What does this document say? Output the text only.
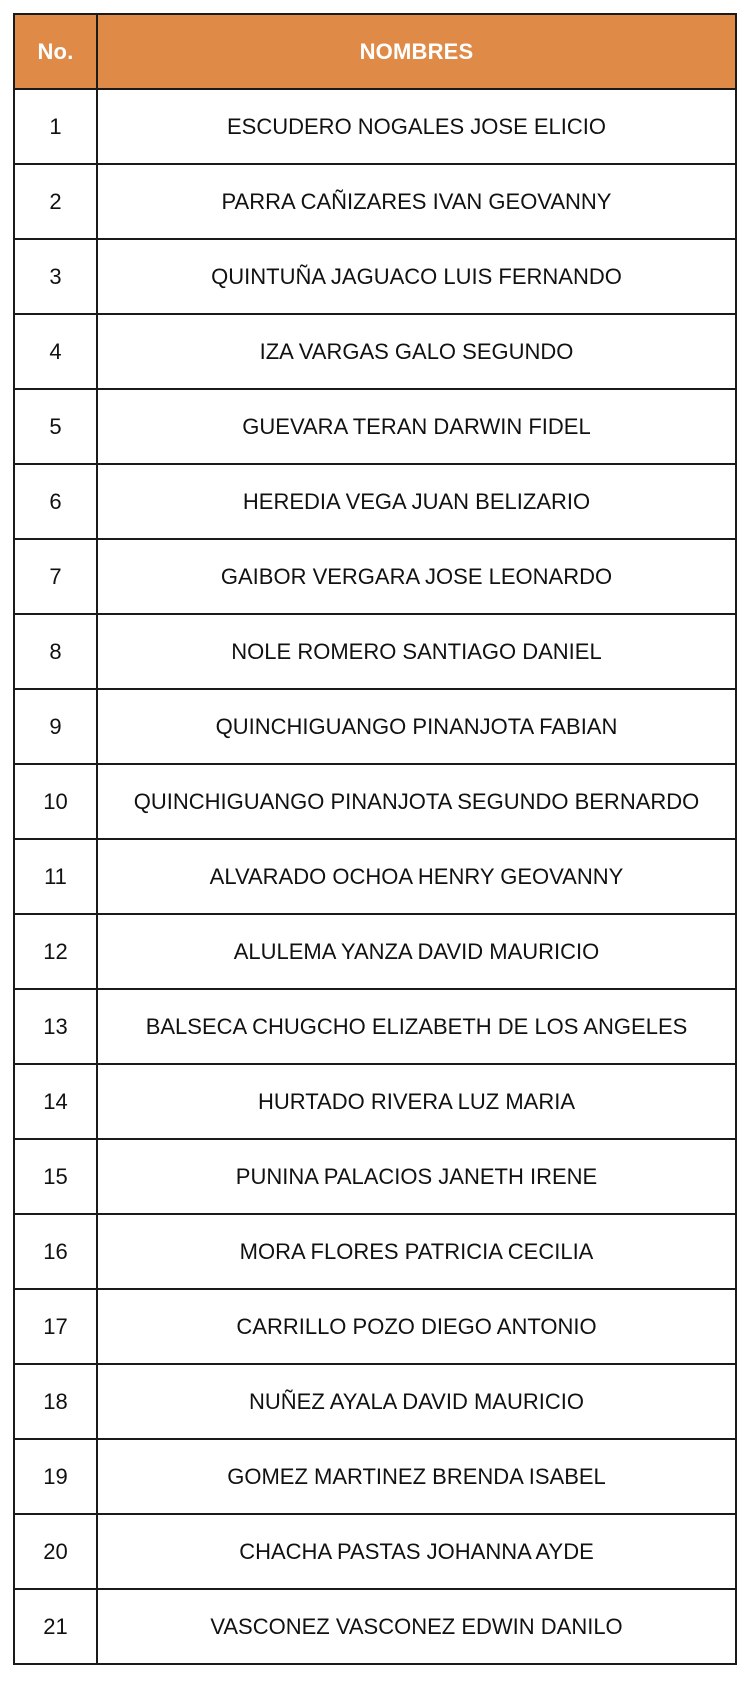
No.	NOMBRES
1	ESCUDERO NOGALES JOSE ELICIO
2	PARRA CAÑIZARES IVAN GEOVANNY
3	QUINTUÑA JAGUACO LUIS FERNANDO
4	IZA VARGAS GALO SEGUNDO
5	GUEVARA TERAN DARWIN FIDEL
6	HEREDIA VEGA JUAN BELIZARIO
7	GAIBOR VERGARA JOSE LEONARDO
8	NOLE ROMERO SANTIAGO DANIEL
9	QUINCHIGUANGO PINANJOTA FABIAN
10	QUINCHIGUANGO PINANJOTA SEGUNDO BERNARDO
11	ALVARADO OCHOA HENRY GEOVANNY
12	ALULEMA YANZA DAVID MAURICIO
13	BALSECA CHUGCHO ELIZABETH DE LOS ANGELES
14	HURTADO RIVERA LUZ MARIA
15	PUNINA PALACIOS JANETH IRENE
16	MORA FLORES PATRICIA CECILIA
17	CARRILLO POZO DIEGO ANTONIO
18	NUÑEZ AYALA DAVID MAURICIO
19	GOMEZ MARTINEZ BRENDA ISABEL
20	CHACHA PASTAS JOHANNA AYDE
21	VASCONEZ VASCONEZ EDWIN DANILO
